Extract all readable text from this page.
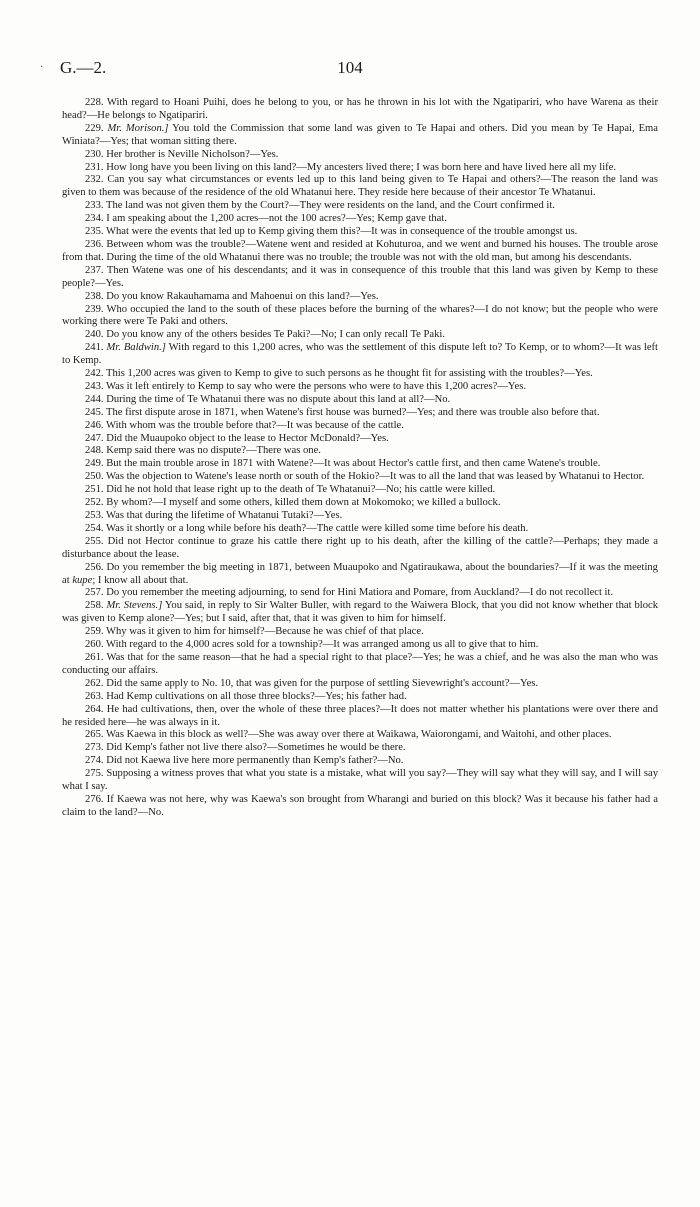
· G.—2.	104

228. With regard to Hoani Puihi, does he belong to you, or has he thrown in his lot with the Ngatipariri, who have Warena as their head?—He belongs to Ngatipariri.

229. Mr. Morison.] You told the Commission that some land was given to Te Hapai and others. Did you mean by Te Hapai, Ema Winiata?—Yes; that woman sitting there.

230. Her brother is Neville Nicholson?—Yes.

231. How long have you been living on this land?—My ancesters lived there; I was born here and have lived here all my life.

232. Can you say what circumstances or events led up to this land being given to Te Hapai and others?—The reason the land was given to them was because of the residence of the old Whatanui here. They reside here because of their ancestor Te Whatanui.

233. The land was not given them by the Court?—They were residents on the land, and the Court confirmed it.

234. I am speaking about the 1,200 acres—not the 100 acres?—Yes; Kemp gave that.

235. What were the events that led up to Kemp giving them this?—It was in consequence of the trouble amongst us.

236. Between whom was the trouble?—Watene went and resided at Kohuturoa, and we went and burned his houses. The trouble arose from that. During the time of the old Whatanui there was no trouble; the trouble was not with the old man, but among his descendants.

237. Then Watene was one of his descendants; and it was in consequence of this trouble that this land was given by Kemp to these people?—Yes.

238. Do you know Rakauhamama and Mahoenui on this land?—Yes.

239. Who occupied the land to the south of these places before the burning of the whares?—I do not know; but the people who were working there were Te Paki and others.

240. Do you know any of the others besides Te Paki?—No; I can only recall Te Paki.

241. Mr. Baldwin.] With regard to this 1,200 acres, who was the settlement of this dispute left to? To Kemp, or to whom?—It was left to Kemp.

242. This 1,200 acres was given to Kemp to give to such persons as he thought fit for assisting with the troubles?—Yes.

243. Was it left entirely to Kemp to say who were the persons who were to have this 1,200 acres?—Yes.

244. During the time of Te Whatanui there was no dispute about this land at all?—No.

245. The first dispute arose in 1871, when Watene's first house was burned?—Yes; and there was trouble also before that.

246. With whom was the trouble before that?—It was because of the cattle.

247. Did the Muaupoko object to the lease to Hector McDonald?—Yes.

248. Kemp said there was no dispute?—There was one.

249. But the main trouble arose in 1871 with Watene?—It was about Hector's cattle first, and then came Watene's trouble.

250. Was the objection to Watene's lease north or south of the Hokio?—It was to all the land that was leased by Whatanui to Hector.

251. Did he not hold that lease right up to the death of Te Whatanui?—No; his cattle were killed.

252. By whom?—I myself and some others, killed them down at Mokomoko; we killed a bullock.

253. Was that during the lifetime of Whatanui Tutaki?—Yes.

254. Was it shortly or a long while before his death?—The cattle were killed some time before his death.

255. Did not Hector continue to graze his cattle there right up to his death, after the killing of the cattle?—Perhaps; they made a disturbance about the lease.

256. Do you remember the big meeting in 1871, between Muaupoko and Ngatiraukawa, about the boundaries?—If it was the meeting at kupe; I know all about that.

257. Do you remember the meeting adjourning, to send for Hini Matiora and Pomare, from Auckland?—I do not recollect it.

258. Mr. Stevens.] You said, in reply to Sir Walter Buller, with regard to the Waiwera Block, that you did not know whether that block was given to Kemp alone?—Yes; but I said, after that, that it was given to him for himself.

259. Why was it given to him for himself?—Because he was chief of that place.

260. With regard to the 4,000 acres sold for a township?—It was arranged among us all to give that to him.

261. Was that for the same reason—that he had a special right to that place?—Yes; he was a chief, and he was also the man who was conducting our affairs.

262. Did the same apply to No. 10, that was given for the purpose of settling Sievewright's account?—Yes.

263. Had Kemp cultivations on all those three blocks?—Yes; his father had.

264. He had cultivations, then, over the whole of these three places?—It does not matter whether his plantations were over there and he resided here—he was always in it.

265. Was Kaewa in this block as well?—She was away over there at Waikawa, Waiorongami, and Waitohi, and other places.

273. Did Kemp's father not live there also?—Sometimes he would be there.

274. Did not Kaewa live here more permanently than Kemp's father?—No.

275. Supposing a witness proves that what you state is a mistake, what will you say?—They will say what they will say, and I will say what I say.

276. If Kaewa was not here, why was Kaewa's son brought from Wharangi and buried on this block? Was it because his father had a claim to the land?—No.
